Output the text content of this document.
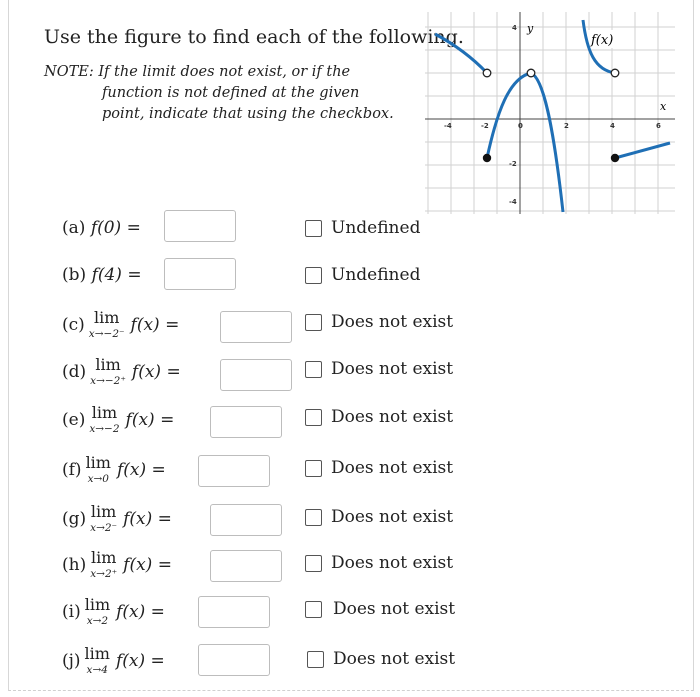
Use the figure to find each of the following.
NOTE: If the limit does not exist, or if the
function is not defined at the given
point, indicate that using the checkbox.
-4	-2	0	2	4	6
4
-2
-4
y
x
f(x)
(a)
f(0) =	Undefined
(b)
f(4) =	Undefined
(c) lim
x→−2⁻ f(x) =	Does not exist
(d) lim
x→−2⁺ f(x) =	Does not exist
(e) lim
x→−2 f(x) =	Does not exist
(f) lim
x→0 f(x) =	Does not exist
(g) lim
x→2⁻ f(x) =	Does not exist
(h) lim
x→2⁺ f(x) =	Does not exist
(i) lim
x→2 f(x) =	Does not exist
(j) lim
x→4 f(x) =	Does not exist
